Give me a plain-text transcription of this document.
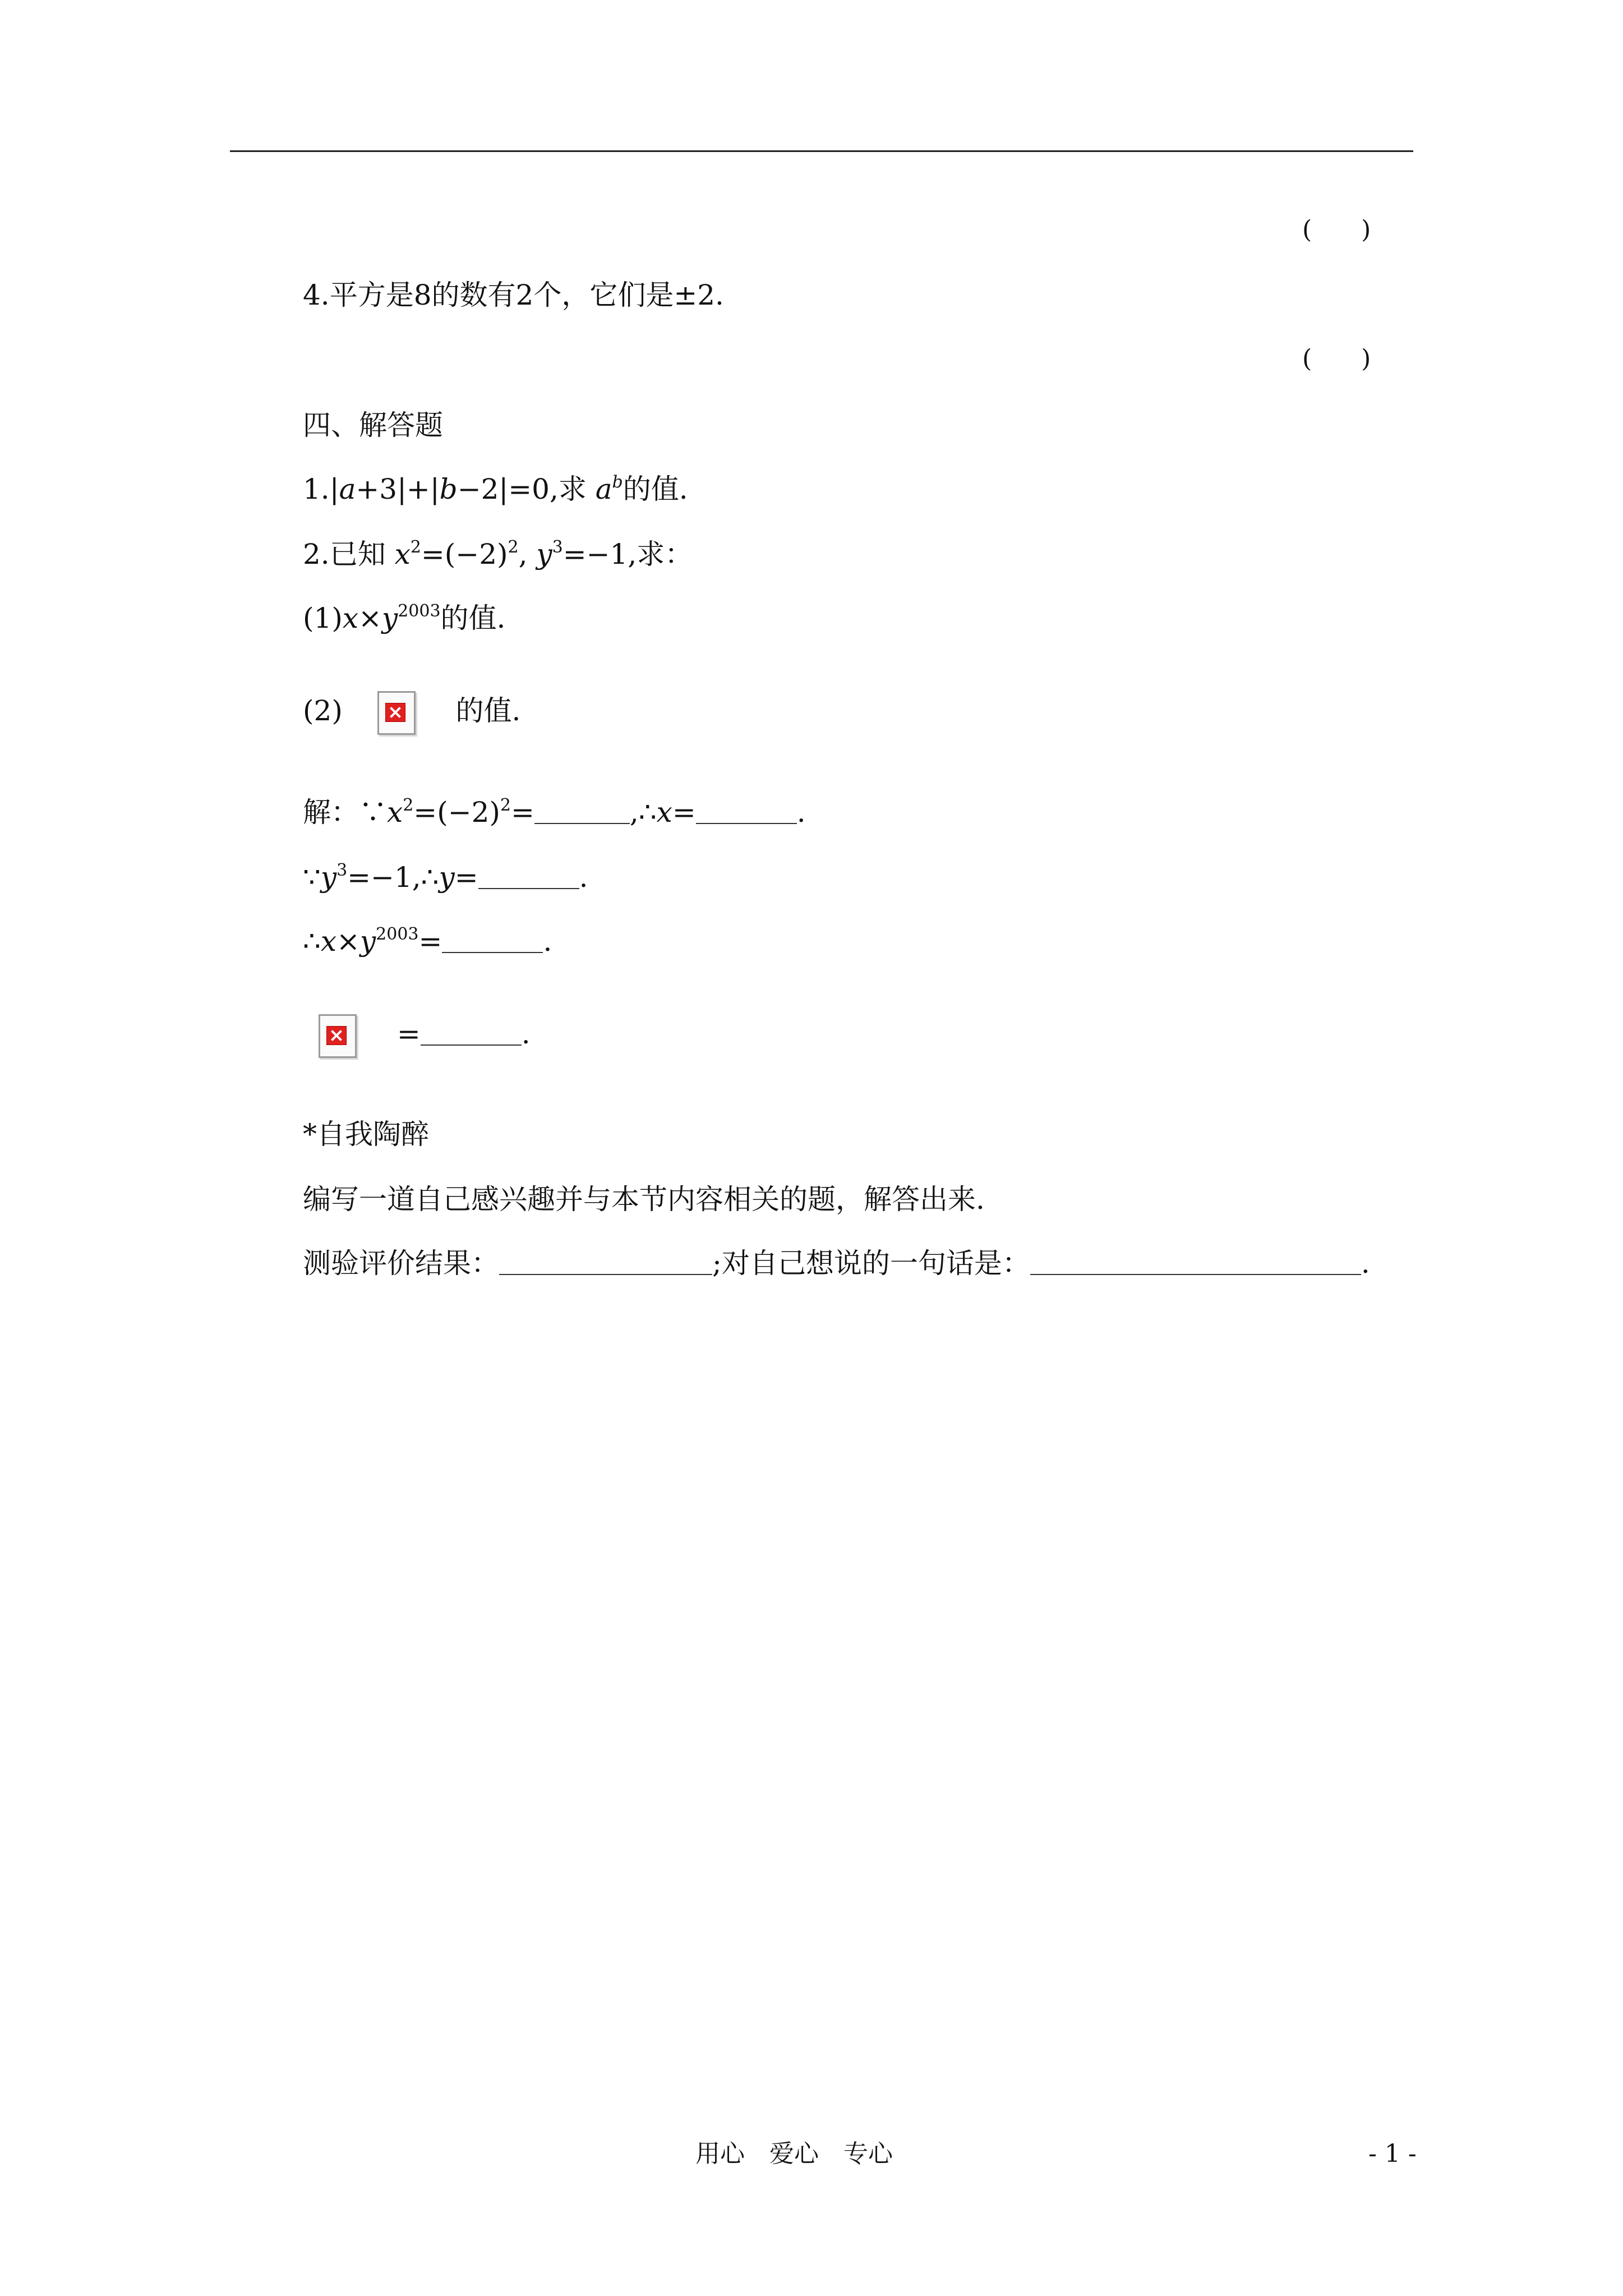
(　　)
4.平方是8的数有2个，它们是±2.
(　　)
四、解答题
1.|a+3|+|b−2|=0,求 $a^b$的值.
2.已知 $x^2=(-2)^2$, $y^3=-1$,求：
$(1)x\times y^{2003}$的值.
(2)	的值.
解：$\because x^2=(-2)^2=$	,∴x=	.
$\because y^3=-1,\therefore y=$	.
$\therefore x\times y^{2003}=$	.
=	.
*自我陶醉
编写一道自己感兴趣并与本节内容相关的题，解答出来.
测验评价结果：	;对自己想说的一句话是：	.
用心　爱心　专心	- 1 -
